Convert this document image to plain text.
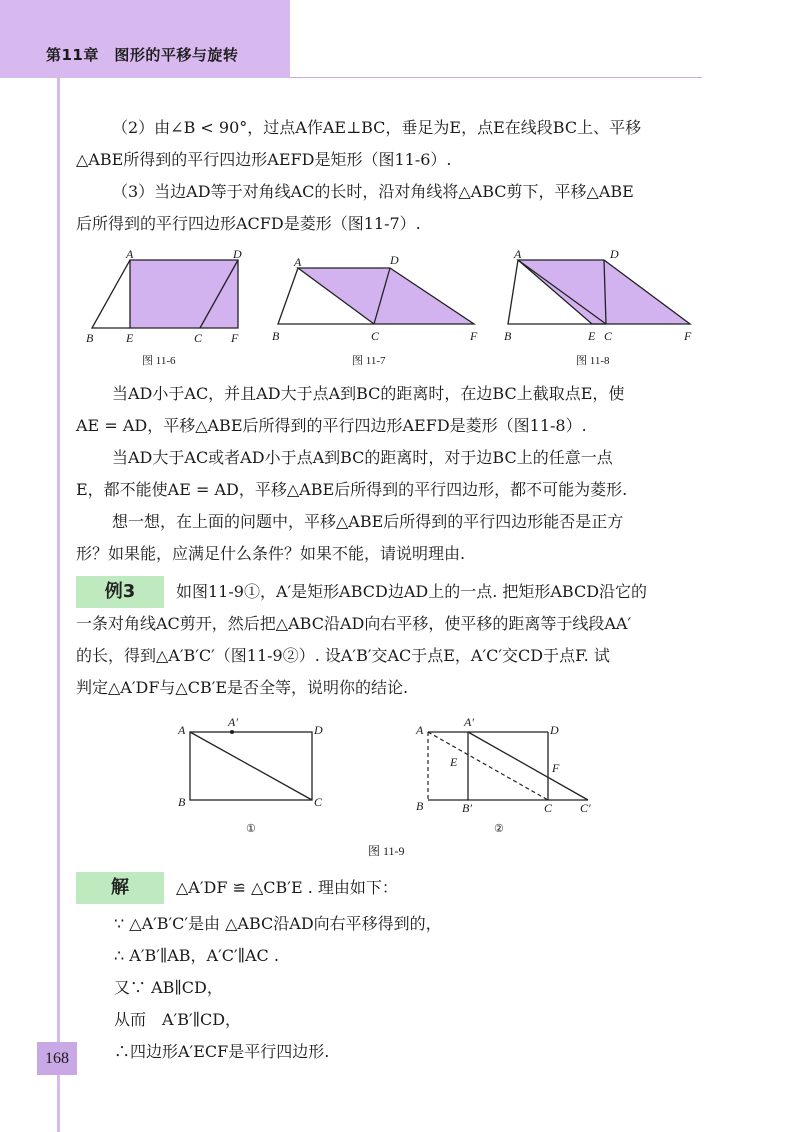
第11章　图形的平移与旋转

（2）由∠B < 90°，过点A作AE⊥BC，垂足为E，点E在线段BC上、平移

△ABE所得到的平行四边形AEFD是矩形（图11-6）.

（3）当边AD等于对角线AC的长时，沿对角线将△ABC剪下，平移△ABE

后所得到的平行四边形ACFD是菱形（图11-7）.

A	D
B	E	C F
图 11-6
A	D
B	C	F
图 11-7
A	D
B	E C	F
图 11-8

当AD小于AC，并且AD大于点A到BC的距离时，在边BC上截取点E，使

AE = AD，平移△ABE后所得到的平行四边形AEFD是菱形（图11-8）.

当AD大于AC或者AD小于点A到BC的距离时，对于边BC上的任意一点

E，都不能使AE = AD，平移△ABE后所得到的平行四边形，都不可能为菱形.

想一想，在上面的问题中，平移△ABE后所得到的平行四边形能否是正方

形？如果能，应满足什么条件？如果不能，请说明理由.

例3	如图11-9①，A′是矩形ABCD边AD上的一点. 把矩形ABCD沿它的

一条对角线AC剪开，然后把△ABC沿AD向右平移，使平移的距离等于线段AA′

的长，得到△A′B′C′（图11-9②）. 设A′B′交AC于点E，A′C′交CD于点F. 试

判定△A′DF与△CB′E是否全等，说明你的结论.

A
A′
D
B	C
①
A
A′
D
E	F
B	B′	C C′
②
图 11-9
解	△A′DF ≌ △CB′E . 理由如下：

∵ △A′B′C′是由 △ABC沿AD向右平移得到的，

∴ A′B′∥AB，A′C′∥AC .

又∵ AB∥CD，

从而　A′B′∥CD，

∴四边形A′ECF是平行四边形.

168
